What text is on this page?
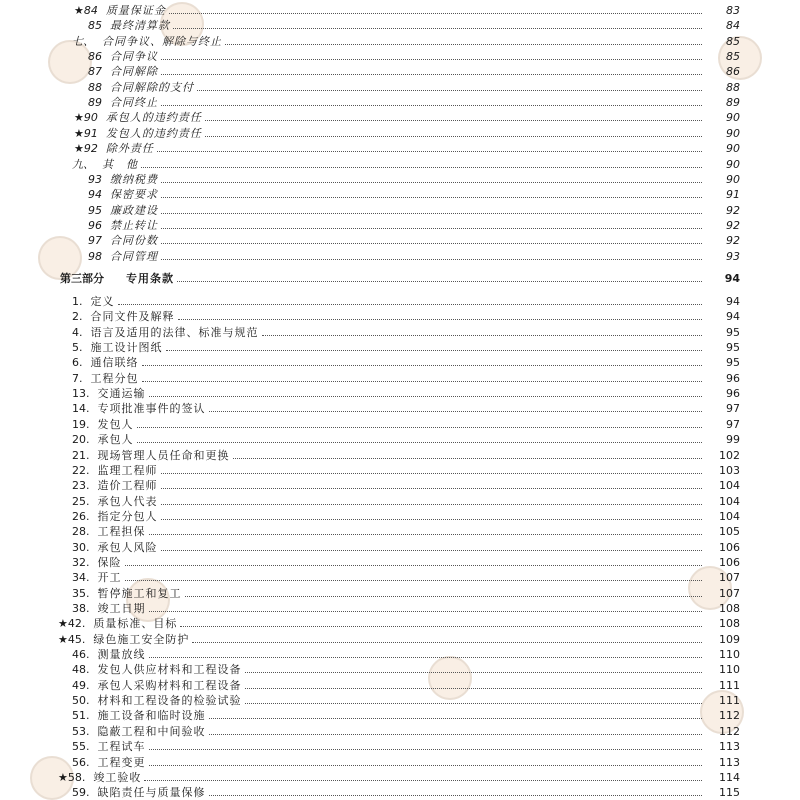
★ 84 质量保证金	83
85 最终清算款	84
七、 合同争议、解除与终止	85
86 合同争议	85
87 合同解除	86
88 合同解除的支付	88
89 合同终止	89
★ 90 承包人的违约责任	90
★ 91 发包人的违约责任	90
★ 92 除外责任	90
九、 其　他	90
93 缴纳税费	90
94 保密要求	91
95 廉政建设	92
96 禁止转让	92
97 合同份数	92
98 合同管理	93
第三部分 专用条款	94
1. 定义	94
2. 合同文件及解释	94
4. 语言及适用的法律、标准与规范	95
5. 施工设计图纸	95
6. 通信联络	95
7. 工程分包	96
13. 交通运输	96
14. 专项批准事件的签认	97
19. 发包人	97
20. 承包人	99
21. 现场管理人员任命和更换	102
22. 监理工程师	103
23. 造价工程师	104
25. 承包人代表	104
26. 指定分包人	104
28. 工程担保	105
30. 承包人风险	106
32. 保险	106
34. 开工	107
35. 暂停施工和复工	107
38. 竣工日期	108
★ 42. 质量标准、目标	108
★ 45. 绿色施工安全防护	109
46. 测量放线	110
48. 发包人供应材料和工程设备	110
49. 承包人采购材料和工程设备	111
50. 材料和工程设备的检验试验	111
51. 施工设备和临时设施	112
53. 隐蔽工程和中间验收	112
55. 工程试车	113
56. 工程变更	113
★ 58. 竣工验收	114
59. 缺陷责任与质量保修	115
